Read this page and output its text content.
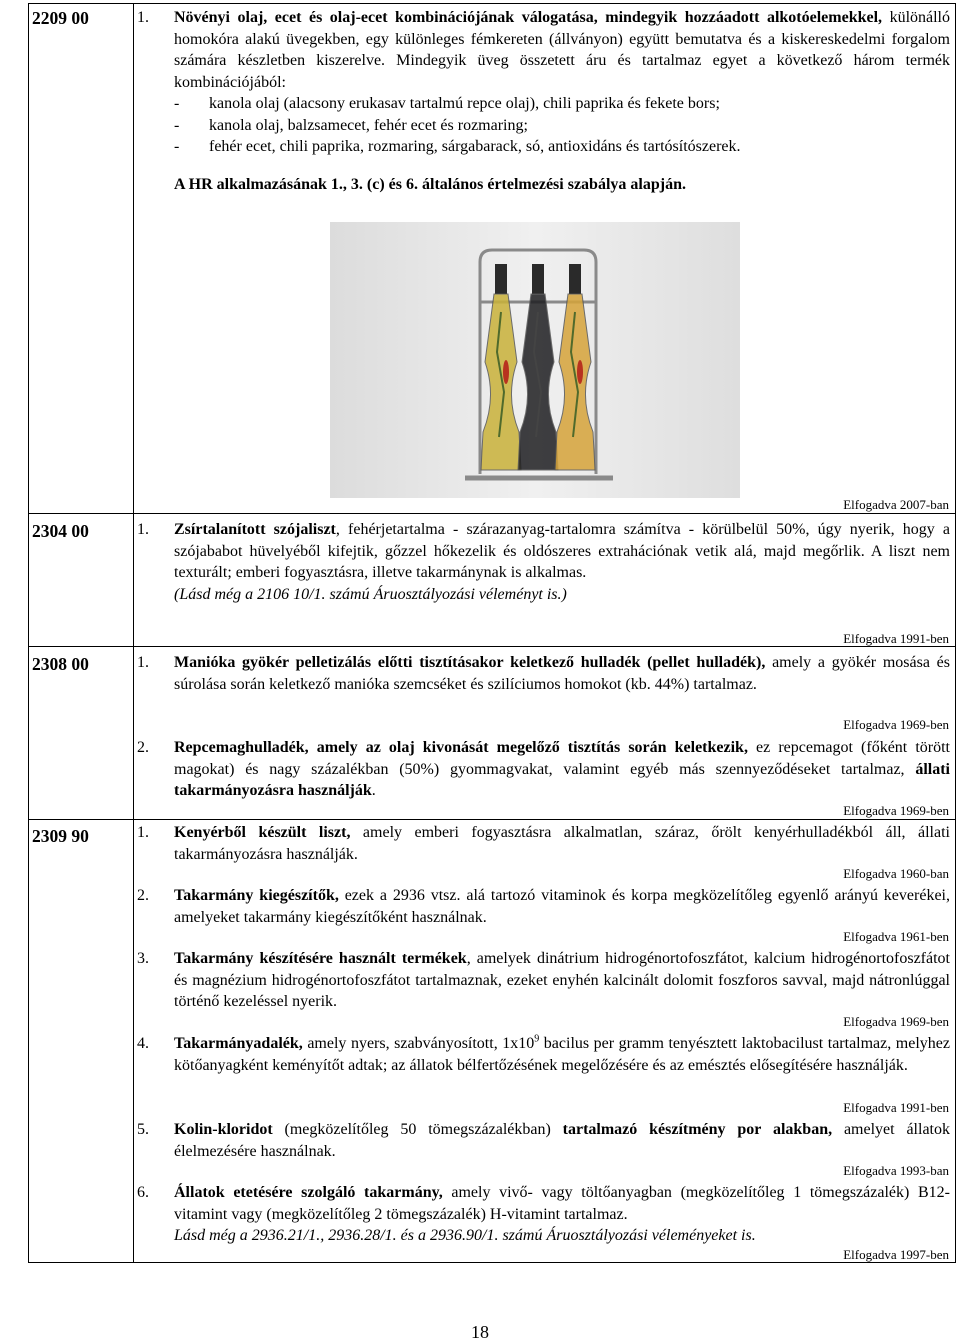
2209 00	1. Növényi olaj, ecet és olaj-ecet kombinációjának válogatása, mindegyik hozzáadott alkotóelemekkel, különálló homokóra alakú üvegekben, egy különleges fémkereten (állványon) együtt bemutatva és a kiskereskedelmi forgalom számára készletben kiszerelve. Mindegyik üveg összetett áru és tartalmaz egyet a következő három termék kombinációjából:

- kanola olaj (alacsony erukasav tartalmú repce olaj), chili paprika és fekete bors;
- kanola olaj, balzsamecet, fehér ecet és rozmaring;
- fehér ecet, chili paprika, rozmaring, sárgabarack, só, antioxidáns és tartósítószerek.

A HR alkalmazásának 1., 3. (c) és 6. általános értelmezési szabálya alapján.

Elfogadva 2007-ban
2304 00	1. Zsírtalanított szójaliszt, fehérjetartalma - szárazanyag-tartalomra számítva - körülbelül 50%, úgy nyerik, hogy a szójababot hüvelyéből kifejtik, gőzzel hőkezelik és oldószeres extrahációnak vetik alá, majd megőrlik. A liszt nem texturált; emberi fogyasztásra, illetve takarmánynak is alkalmas.

(Lásd még a 2106 10/1. számú Áruosztályozási véleményt is.)

Elfogadva 1991-ben
2308 00	1. Manióka gyökér pelletizálás előtti tisztításakor keletkező hulladék (pellet hulladék), amely a gyökér mosása és súrolása során keletkező manióka szemcséket és szilíciumos homokot (kb. 44%) tartalmaz.

Elfogadva 1969-ben
2. Repcemaghulladék, amely az olaj kivonását megelőző tisztítás során keletkezik, ez repcemagot (főként törött magokat) és nagy százalékban (50%) gyommagvakat, valamint egyéb más szennyeződéseket tartalmaz, állati takarmányozásra használják.

Elfogadva 1969-ben
2309 90	1. Kenyérből készült liszt, amely emberi fogyasztásra alkalmatlan, száraz, őrölt kenyérhulladékból áll, állati takarmányozásra használják.

Elfogadva 1960-ban
2. Takarmány kiegészítők, ezek a 2936 vtsz. alá tartozó vitaminok és korpa megközelítőleg egyenlő arányú keverékei, amelyeket takarmány kiegészítőként használnak.

Elfogadva 1961-ben
3. Takarmány készítésére használt termékek, amelyek dinátrium hidrogénortofoszfátot, kalcium hidrogénortofoszfátot és magnézium hidrogénortofoszfátot tartalmaznak, ezeket enyhén kalcinált dolomit foszforos savval, majd nátronlúggal történő kezeléssel nyerik.

Elfogadva 1969-ben
4. Takarmányadalék, amely nyers, szabványosított, $1x10^9$ bacilus per gramm tenyésztett laktobacilust tartalmaz, melyhez kötőanyagként keményítőt adtak; az állatok bélfertőzésének megelőzésére és az emésztés elősegítésére használják.

Elfogadva 1991-ben
5. Kolin-kloridot (megközelítőleg 50 tömegszázalékban) tartalmazó készítmény por alakban, amelyet állatok élelmezésére használnak.

Elfogadva 1993-ban
6. Állatok etetésére szolgáló takarmány, amely vivő- vagy töltőanyagban (megközelítőleg 1 tömegszázalék) B12-vitamint vagy (megközelítőleg 2 tömegszázalék) H-vitamint tartalmaz.

Lásd még a 2936.21/1., 2936.28/1. és a 2936.90/1. számú Áruosztályozási véleményeket is.

Elfogadva 1997-ben
18
